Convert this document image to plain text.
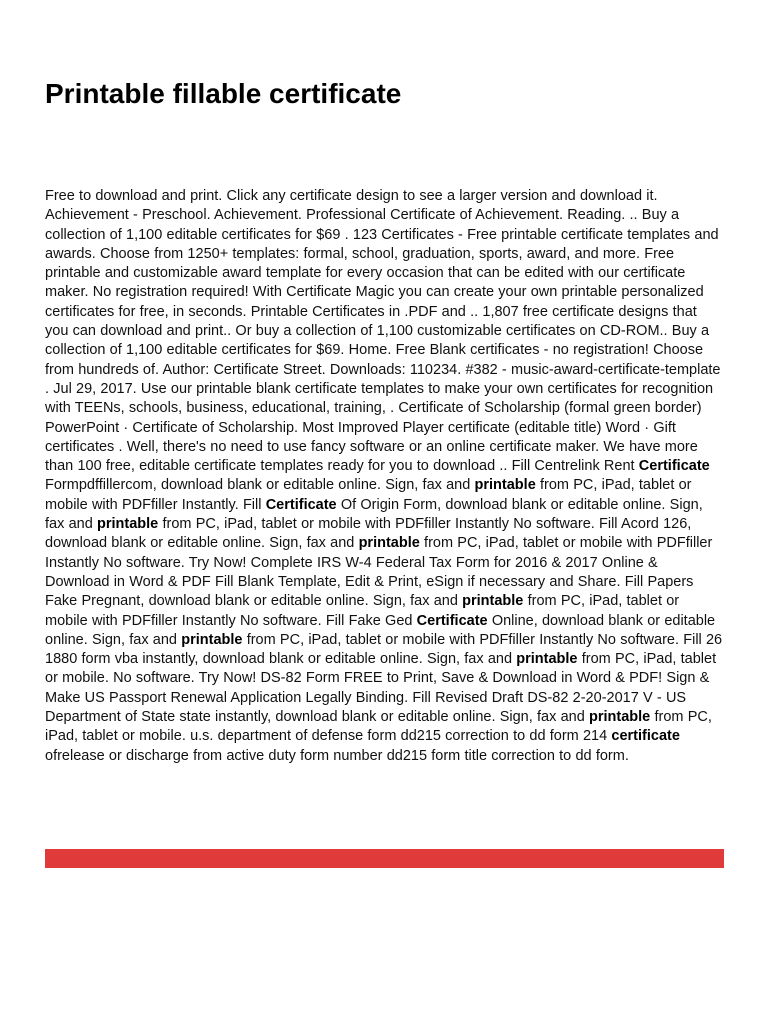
Printable fillable certificate

Free to download and print. Click any certificate design to see a larger version and download it. Achievement - Preschool. Achievement. Professional Certificate of Achievement. Reading. .. Buy a collection of 1,100 editable certificates for $69 . 123 Certificates - Free printable certificate templates and awards. Choose from 1250+ templates: formal, school, graduation, sports, award, and more. Free printable and customizable award template for every occasion that can be edited with our certificate maker. No registration required! With Certificate Magic you can create your own printable personalized certificates for free, in seconds. Printable Certificates in .PDF and .. 1,807 free certificate designs that you can download and print.. Or buy a collection of 1,100 customizable certificates on CD-ROM.. Buy a collection of 1,100 editable certificates for $69. Home. Free Blank certificates - no registration! Choose from hundreds of. Author: Certificate Street. Downloads: 110234. #382 - music-award-certificate-template . Jul 29, 2017. Use our printable blank certificate templates to make your own certificates for recognition with TEENs, schools, business, educational, training, . Certificate of Scholarship (formal green border) PowerPoint · Certificate of Scholarship. Most Improved Player certificate (editable title) Word · Gift certificates . Well, there's no need to use fancy software or an online certificate maker. We have more than 100 free, editable certificate templates ready for you to download .. Fill Centrelink Rent Certificate Formpdffillercom, download blank or editable online. Sign, fax and printable from PC, iPad, tablet or mobile with PDFfiller Instantly. Fill Certificate Of Origin Form, download blank or editable online. Sign, fax and printable from PC, iPad, tablet or mobile with PDFfiller Instantly No software. Fill Acord 126, download blank or editable online. Sign, fax and printable from PC, iPad, tablet or mobile with PDFfiller Instantly No software. Try Now! Complete IRS W-4 Federal Tax Form for 2016 & 2017 Online & Download in Word & PDF Fill Blank Template, Edit & Print, eSign if necessary and Share. Fill Papers Fake Pregnant, download blank or editable online. Sign, fax and printable from PC, iPad, tablet or mobile with PDFfiller Instantly No software. Fill Fake Ged Certificate Online, download blank or editable online. Sign, fax and printable from PC, iPad, tablet or mobile with PDFfiller Instantly No software. Fill 26 1880 form vba instantly, download blank or editable online. Sign, fax and printable from PC, iPad, tablet or mobile. No software. Try Now! DS-82 Form FREE to Print, Save & Download in Word & PDF! Sign & Make US Passport Renewal Application Legally Binding. Fill Revised Draft DS-82 2-20-2017 V - US Department of State state instantly, download blank or editable online. Sign, fax and printable from PC, iPad, tablet or mobile. u.s. department of defense form dd215 correction to dd form 214 certificate ofrelease or discharge from active duty form number dd215 form title correction to dd form.
